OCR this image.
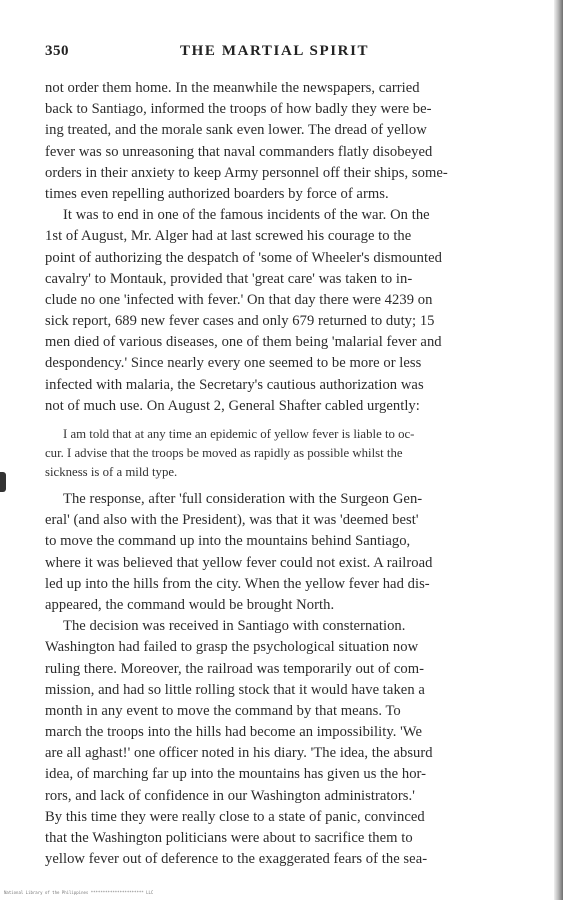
350	THE MARTIAL SPIRIT
not order them home. In the meanwhile the newspapers, carried
back to Santiago, informed the troops of how badly they were be-
ing treated, and the morale sank even lower. The dread of yellow
fever was so unreasoning that naval commanders flatly disobeyed
orders in their anxiety to keep Army personnel off their ships, some-
times even repelling authorized boarders by force of arms.
It was to end in one of the famous incidents of the war. On the
1st of August, Mr. Alger had at last screwed his courage to the
point of authorizing the despatch of 'some of Wheeler's dismounted
cavalry' to Montauk, provided that 'great care' was taken to in-
clude no one 'infected with fever.' On that day there were 4239 on
sick report, 689 new fever cases and only 679 returned to duty; 15
men died of various diseases, one of them being 'malarial fever and
despondency.' Since nearly every one seemed to be more or less
infected with malaria, the Secretary's cautious authorization was
not of much use. On August 2, General Shafter cabled urgently:
I am told that at any time an epidemic of yellow fever is liable to oc-
cur. I advise that the troops be moved as rapidly as possible whilst the
sickness is of a mild type.
The response, after 'full consideration with the Surgeon Gen-
eral' (and also with the President), was that it was 'deemed best'
to move the command up into the mountains behind Santiago,
where it was believed that yellow fever could not exist. A railroad
led up into the hills from the city. When the yellow fever had dis-
appeared, the command would be brought North.
The decision was received in Santiago with consternation.
Washington had failed to grasp the psychological situation now
ruling there. Moreover, the railroad was temporarily out of com-
mission, and had so little rolling stock that it would have taken a
month in any event to move the command by that means. To
march the troops into the hills had become an impossibility. 'We
are all aghast!' one officer noted in his diary. 'The idea, the absurd
idea, of marching far up into the mountains has given us the hor-
rors, and lack of confidence in our Washington administrators.'
By this time they were really close to a state of panic, convinced
that the Washington politicians were about to sacrifice them to
yellow fever out of deference to the exaggerated fears of the sea-
National Library of the Philippines ********************** LLC
